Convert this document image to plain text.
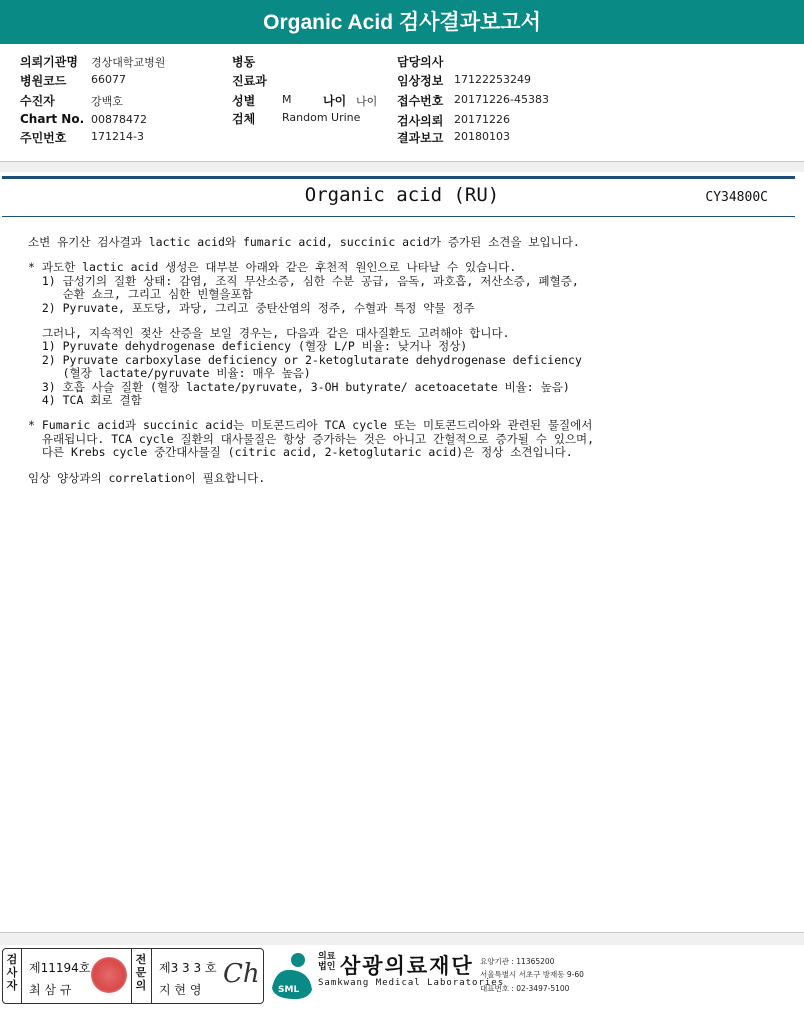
Organic Acid 검사결과보고서
의뢰기관명 경상대학교병원
병원코드 66077
수진자	강백호
Chart No. 00878472
주민번호 171214-3
병동
진료과
성별 M	나이 나이
검체 Random Urine
담당의사
임상정보 17122253249
접수번호 20171226-45383
검사의뢰 20171226
결과보고 20180103
Organic acid (RU)	CY34800C
소변 유기산 검사결과 lactic acid와 fumaric acid, succinic acid가 증가된 소견을 보입니다.
* 과도한 lactic acid 생성은 대부분 아래와 같은 후천적 원인으로 나타날 수 있습니다.
1) 급성기의 질환 상태: 감염, 조직 무산소증, 심한 수분 공급, 음독, 과호흡, 저산소증, 폐혈증,
순환 쇼크, 그리고 심한 빈혈을포함
2) Pyruvate, 포도당, 과당, 그리고 중탄산염의 정주, 수혈과 특정 약물 정주
그러나, 지속적인 젖산 산증을 보일 경우는, 다음과 같은 대사질환도 고려해야 합니다.
1) Pyruvate dehydrogenase deficiency (혈장 L/P 비율: 낮거나 정상)
2) Pyruvate carboxylase deficiency or 2-ketoglutarate dehydrogenase deficiency
(혈장 lactate/pyruvate 비율: 매우 높음)
3) 호흡 사슬 질환 (혈장 lactate/pyruvate, 3-OH butyrate/ acetoacetate 비율: 높음)
4) TCA 회로 결함
* Fumaric acid과 succinic acid는 미토콘드리아 TCA cycle 또는 미토콘드리아와 관련된 물질에서
유래됩니다. TCA cycle 질환의 대사물질은 항상 증가하는 것은 아니고 간헐적으로 증가될 수 있으며,
다른 Krebs cycle 중간대사물질 (citric acid, 2-ketoglutaric acid)은 정상 소견입니다.
임상 양상과의 correlation이 필요합니다.
검
사
자
제11194호
최 삼 규
전
문
의
제3 3 3 호
지 현 영
Ch
SML
의료
법인 삼광의료재단
Samkwang Medical Laboratories
요양기관 : 11365200
서울특별시 서초구 방재동 9-60
대표번호 : 02-3497-5100
